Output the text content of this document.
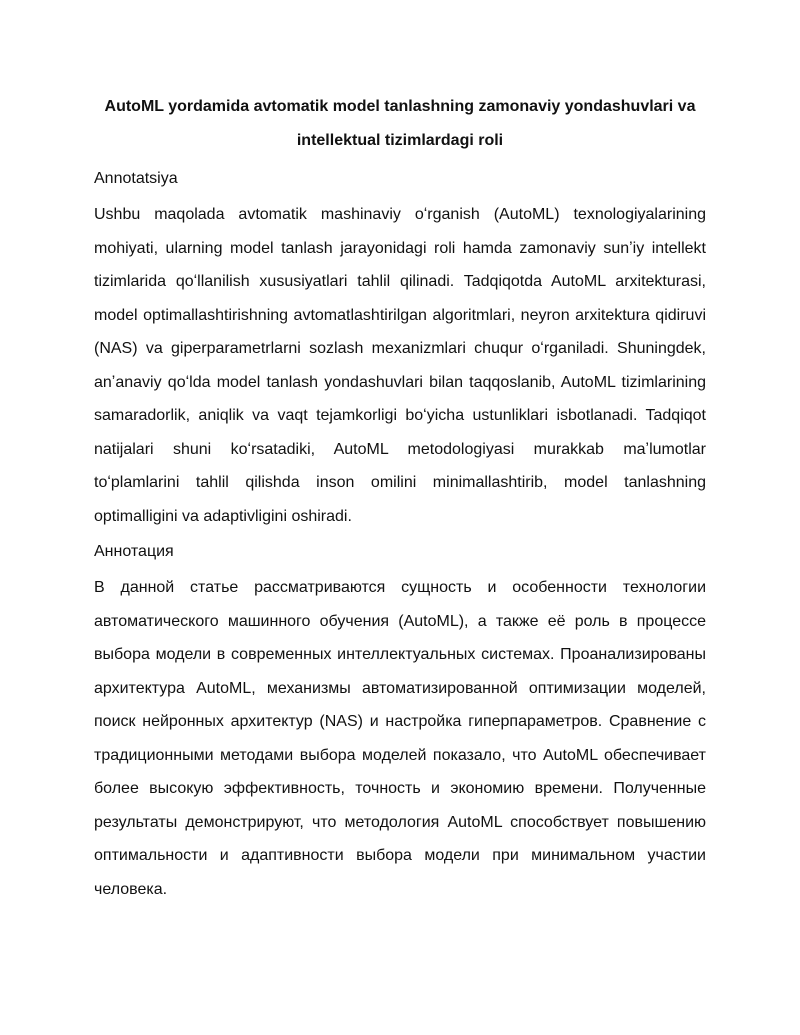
AutoML yordamida avtomatik model tanlashning zamonaviy yondashuvlari va intellektual tizimlardagi roli
Annotatsiya

Ushbu maqolada avtomatik mashinaviy oʻrganish (AutoML) texnologiyalarining mohiyati, ularning model tanlash jarayonidagi roli hamda zamonaviy sunʼiy intellekt tizimlarida qoʻllanilish xususiyatlari tahlil qilinadi. Tadqiqotda AutoML arxitekturasi, model optimallashtirishning avtomatlashtirilgan algoritmlari, neyron arxitektura qidiruvi (NAS) va giperparametrlarni sozlash mexanizmlari chuqur oʻrganiladi. Shuningdek, anʼanaviy qoʻlda model tanlash yondashuvlari bilan taqqoslanib, AutoML tizimlarining samaradorlik, aniqlik va vaqt tejamkorligi boʻyicha ustunliklari isbotlanadi. Tadqiqot natijalari shuni koʻrsatadiki, AutoML metodologiyasi murakkab maʼlumotlar toʻplamlarini tahlil qilishda inson omilini minimallashtirib, model tanlashning optimalligini va adaptivligini oshiradi.

Аннотация

В данной статье рассматриваются сущность и особенности технологии автоматического машинного обучения (AutoML), а также её роль в процессе выбора модели в современных интеллектуальных системах. Проанализированы архитектура AutoML, механизмы автоматизированной оптимизации моделей, поиск нейронных архитектур (NAS) и настройка гиперпараметров. Сравнение с традиционными методами выбора моделей показало, что AutoML обеспечивает более высокую эффективность, точность и экономию времени. Полученные результаты демонстрируют, что методология AutoML способствует повышению оптимальности и адаптивности выбора модели при минимальном участии человека.
